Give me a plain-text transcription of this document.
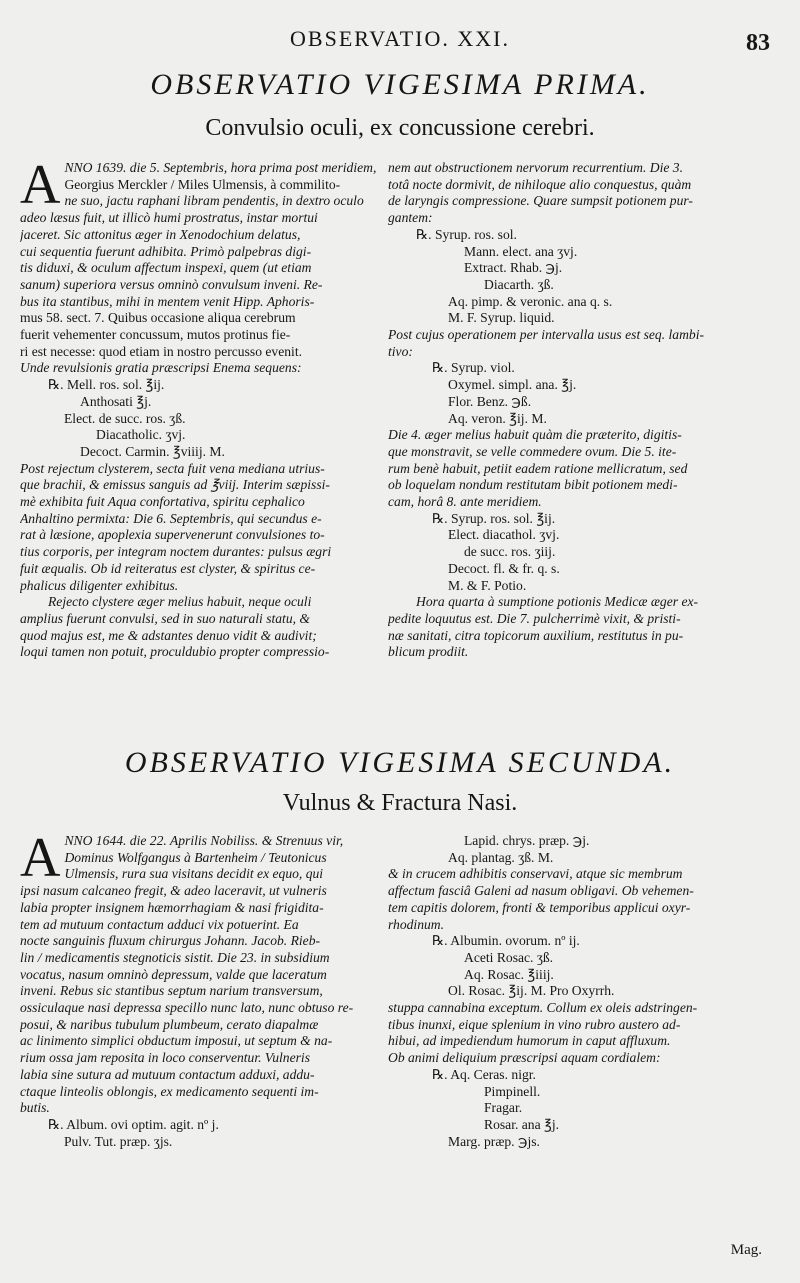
OBSERVATIO. XXI.	83
OBSERVATIO VIGESIMA PRIMA.
Convulsio oculi, ex concussione cerebri.
A NNO 1639. die 5. Septembris, hora prima post meridiem,
Georgius Merckler / Miles Ulmensis, à commilito-
ne suo, jactu raphani libram pendentis, in dextro oculo
adeo læsus fuit, ut illicò humi prostratus, instar mortui
jaceret. Sic attonitus æger in Xenodochium delatus,
cui sequentia fuerunt adhibita. Primò palpebras digi-
tis diduxi, & oculum affectum inspexi, quem (ut etiam
sanum) superiora versus omninò convulsum inveni. Re-
bus ita stantibus, mihi in mentem venit Hipp. Aphoris-
mus 58. sect. 7. Quibus occasione aliqua cerebrum
fuerit vehementer concussum, mutos protinus fie-
ri est necesse: quod etiam in nostro percusso evenit.
Unde revulsionis gratia præscripsi Enema sequens:
℞. Mell. ros. sol. ℥ij.
Anthosati ℥j.
Elect. de succ. ros. ʒß.
Diacatholic. ʒvj.
Decoct. Carmin. ℥viiij. M.
Post rejectum clysterem, secta fuit vena mediana utrius-
que brachii, & emissus sanguis ad ℥viij. Interim sæpissi-
mè exhibita fuit Aqua confortativa, spiritu cephalico
Anhaltino permixta: Die 6. Septembris, qui secundus e-
rat à læsione, apoplexia supervenerunt convulsiones to-
tius corporis, per integram noctem durantes: pulsus ægri
fuit æqualis. Ob id reiteratus est clyster, & spiritus ce-
phalicus diligenter exhibitus.
Rejecto clystere æger melius habuit, neque oculi
amplius fuerunt convulsi, sed in suo naturali statu, &
quod majus est, me & adstantes denuo vidit & audivit;
loqui tamen non potuit, proculdubio propter compressio-
nem aut obstructionem nervorum recurrentium. Die 3.
totâ nocte dormivit, de nihiloque alio conquestus, quàm
de laryngis compressione. Quare sumpsit potionem pur-
gantem:
℞. Syrup. ros. sol.
Mann. elect. ana ʒvj.
Extract. Rhab. ℈j.
Diacarth. ʒß.
Aq. pimp. & veronic. ana q. s.
M. F. Syrup. liquid.
Post cujus operationem per intervalla usus est seq. lambi-
tivo:
℞. Syrup. viol.
Oxymel. simpl. ana. ℥j.
Flor. Benz. ℈ß.
Aq. veron. ℥ij. M.
Die 4. æger melius habuit quàm die præterito, digitis-
que monstravit, se velle commedere ovum. Die 5. ite-
rum benè habuit, petiit eadem ratione mellicratum, sed
ob loquelam nondum restitutam bibit potionem medi-
cam, horâ 8. ante meridiem.
℞. Syrup. ros. sol. ℥ij.
Elect. diacathol. ʒvj.
de succ. ros. ʒiij.
Decoct. fl. & fr. q. s.
M. & F. Potio.
Hora quarta à sumptione potionis Medicæ æger ex-
pedite loquutus est. Die 7. pulcherrimè vixit, & pristi-
næ sanitati, citra topicorum auxilium, restitutus in pu-
blicum prodiit.
OBSERVATIO VIGESIMA SECUNDA.
Vulnus & Fractura Nasi.
A NNO 1644. die 22. Aprilis Nobiliss. & Strenuus vir,
Dominus Wolfgangus à Bartenheim / Teutonicus
Ulmensis, rura sua visitans decidit ex equo, qui
ipsi nasum calcaneo fregit, & adeo laceravit, ut vulneris
labia propter insignem hæmorrhagiam & nasi frigidita-
tem ad mutuum contactum adduci vix potuerint. Ea
nocte sanguinis fluxum chirurgus Johann. Jacob. Rieb-
lin / medicamentis stegnoticis sistit. Die 23. in subsidium
vocatus, nasum omninò depressum, valde que laceratum
inveni. Rebus sic stantibus septum narium transversum,
ossiculaque nasi depressa specillo nunc lato, nunc obtuso re-
posui, & naribus tubulum plumbeum, cerato diapalmæ
ac linimento simplici obductum imposui, ut septum & na-
rium ossa jam reposita in loco conserventur. Vulneris
labia sine sutura ad mutuum contactum adduxi, addu-
ctaque linteolis oblongis, ex medicamento sequenti im-
butis.
℞. Album. ovi optim. agit. nº j.
Pulv. Tut. præp. ʒjs.
Lapid. chrys. præp. ℈j.
Aq. plantag. ʒß. M.
& in crucem adhibitis conservavi, atque sic membrum
affectum fasciâ Galeni ad nasum obligavi. Ob vehemen-
tem capitis dolorem, fronti & temporibus applicui oxyr-
rhodinum.
℞. Albumin. ovorum. nº ij.
Aceti Rosac. ʒß.
Aq. Rosac. ℥iiij.
Ol. Rosac. ℥ij. M. Pro Oxyrrh.
stuppa cannabina exceptum. Collum ex oleis adstringen-
tibus inunxi, eique splenium in vino rubro austero ad-
hibui, ad impediendum humorum in caput affluxum.
Ob animi deliquium præscripsi aquam cordialem:
℞. Aq. Ceras. nigr.
Pimpinell.
Fragar.
Rosar. ana ℥j.
Marg. præp. ℈js.
Mag.
